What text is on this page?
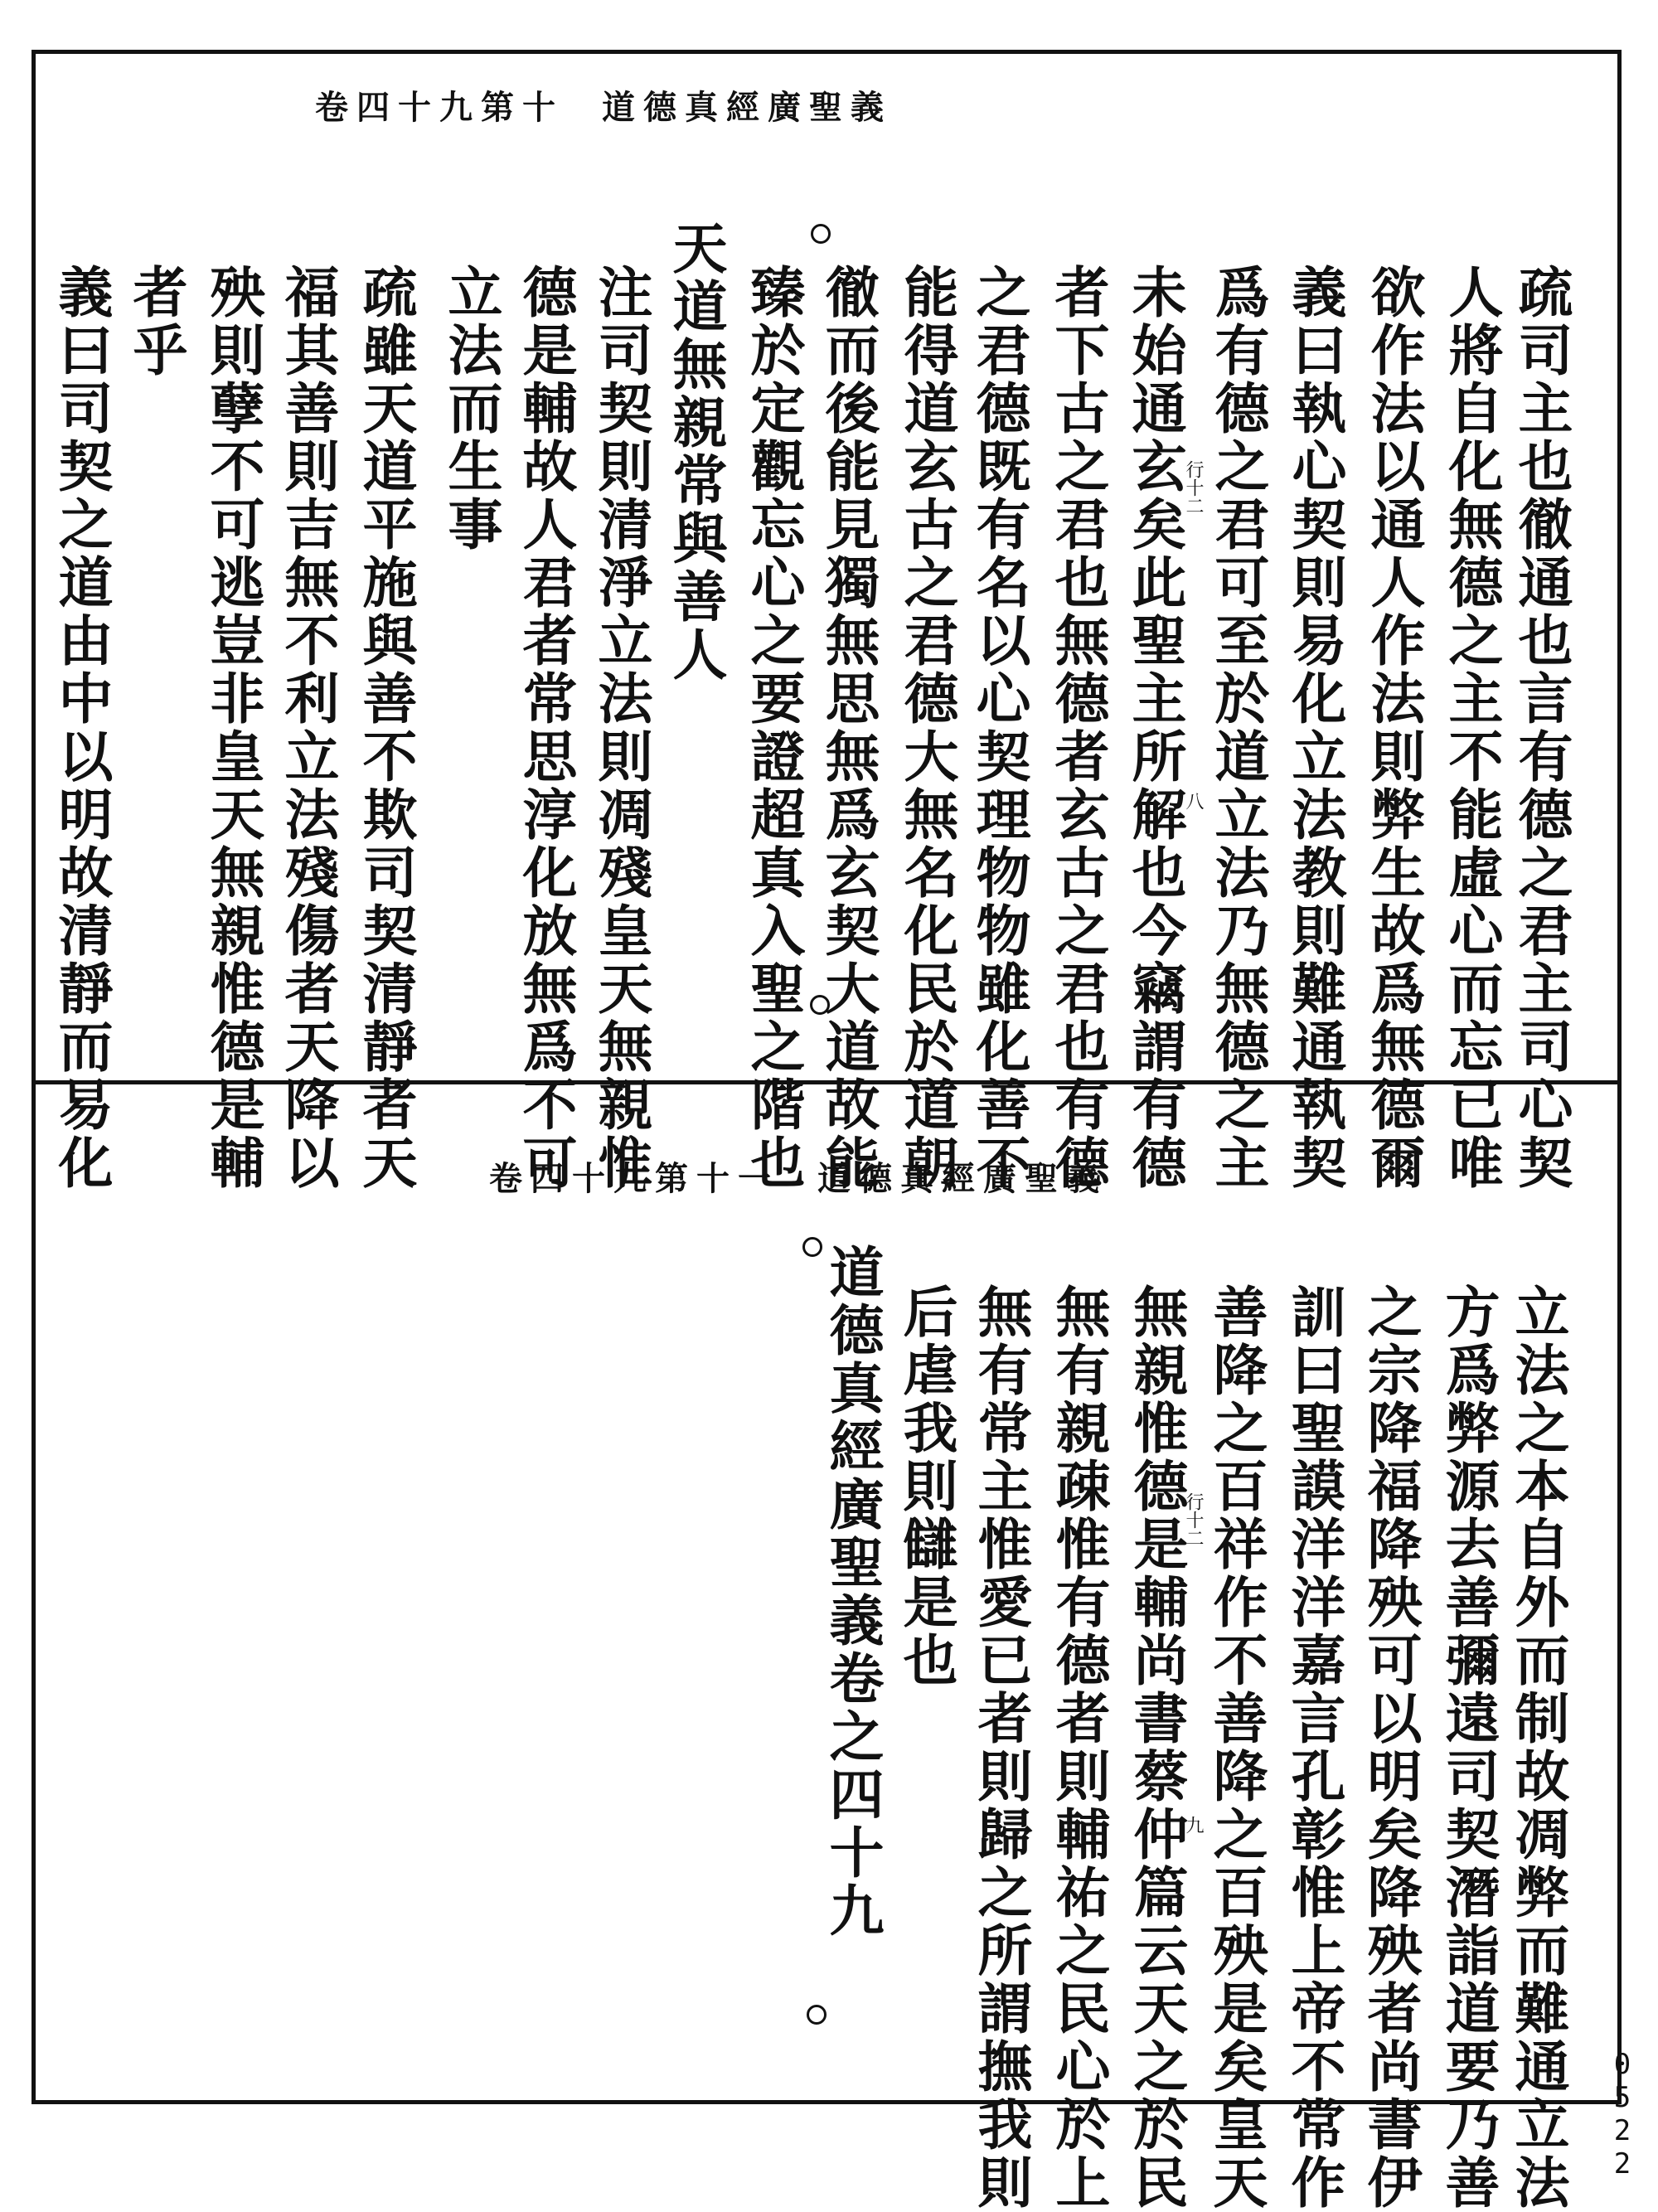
卷四十九第十 道德真經廣聖義
疏司主也徹通也言有德之君主司心契
人將自化無德之主不能虛心而忘已唯
欲作法以通人作法則弊生故爲無德爾
義曰執心契則易化立法教則難通執契
爲有德之君可至於道立法乃無德之主
未始通玄矣此聖主所解也今竊謂有德
者下古之君也無德者玄古之君也有德
之君德既有名以心契理物物雖化善不
能得道玄古之君德大無名化民於道朝
徹而後能見獨無思無爲玄契大道故能
臻於定觀忘心之要證超真入聖之階也
天道無親常與善人
注司契則清淨立法則凋殘皇天無親惟
德是輔故人君者常思淳化放無爲不可
立法而生事
疏雖天道平施與善不欺司契清靜者天
福其善則吉無不利立法殘傷者天降以
殃則孽不可逃豈非皇天無親惟德是輔
者乎
義曰司契之道由中以明故清靜而易化	行十二
八
卷四十九第十一 道德真經廣聖義
立法之本自外而制故凋弊而難通立法
方爲弊源去善彌遠司契潛詣道要乃善
之宗降福降殃可以明矣降殃者尚書伊
訓曰聖謨洋洋嘉言孔彰惟上帝不常作
善降之百祥作不善降之百殃是矣皇天
無親惟德是輔尚書蔡仲篇云天之於民
無有親疎惟有德者則輔祐之民心於上
無有常主惟愛已者則歸之所謂撫我則
后虐我則讎是也
道德真經廣聖義卷之四十九	行十二
九
0522
